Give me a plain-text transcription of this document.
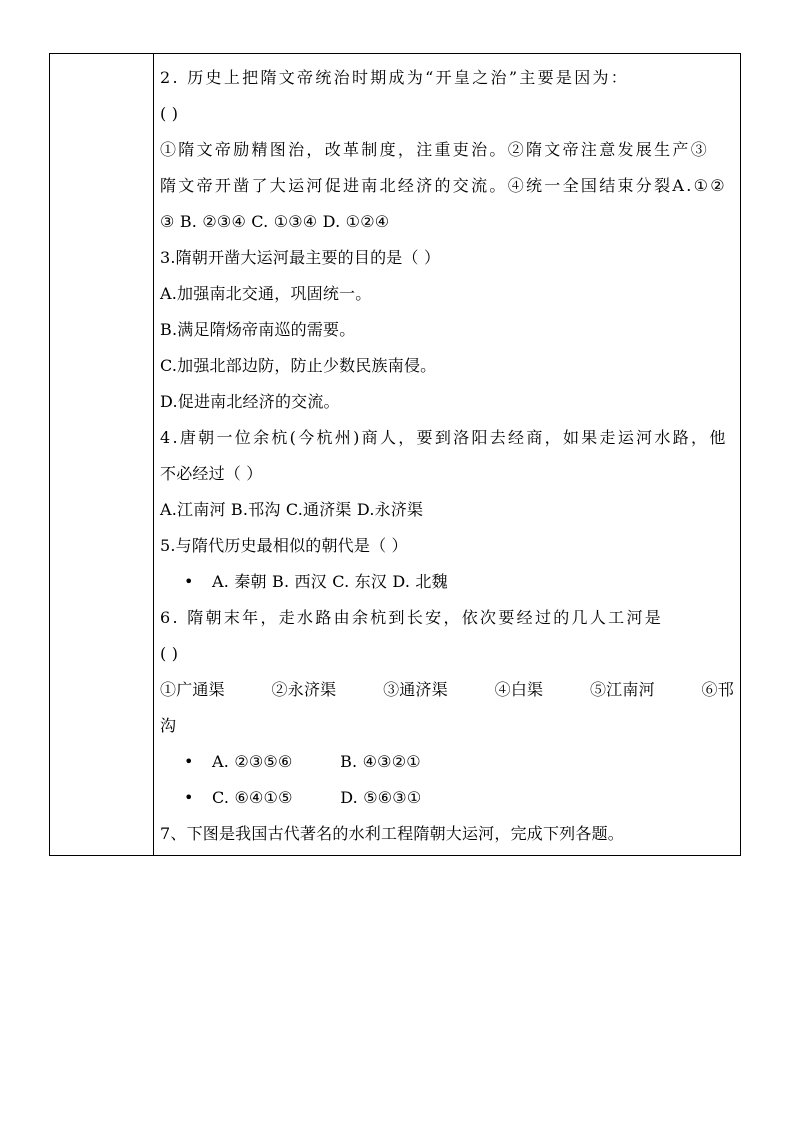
2. 历史上把隋文帝统治时期成为“开皇之治”主要是因为：
( )
①隋文帝励精图治，改革制度，注重吏治。②隋文帝注意发展生产③
隋文帝开凿了大运河促进南北经济的交流。④统一全国结束分裂A.①②
③ B. ②③④ C. ①③④ D. ①②④
3.隋朝开凿大运河最主要的目的是（ ）
A.加强南北交通，巩固统一。
B.满足隋炀帝南巡的需要。
C.加强北部边防，防止少数民族南侵。
D.促进南北经济的交流。
4.唐朝一位余杭(今杭州)商人，要到洛阳去经商，如果走运河水路，他
不必经过（ ）
A.江南河 B.邗沟 C.通济渠 D.永济渠
5.与隋代历史最相似的朝代是（ ）
• A. 秦朝 B. 西汉 C. 东汉 D. 北魏
6. 隋朝末年，走水路由余杭到长安，依次要经过的几人工河是
( )
①广通渠	②永济渠	③通济渠	④白渠	⑤江南河	⑥邗
沟
• A. ②③⑤⑥         B. ④③②①
• C. ⑥④①⑤         D. ⑤⑥③①
7、下图是我国古代著名的水利工程隋朝大运河，完成下列各题。
